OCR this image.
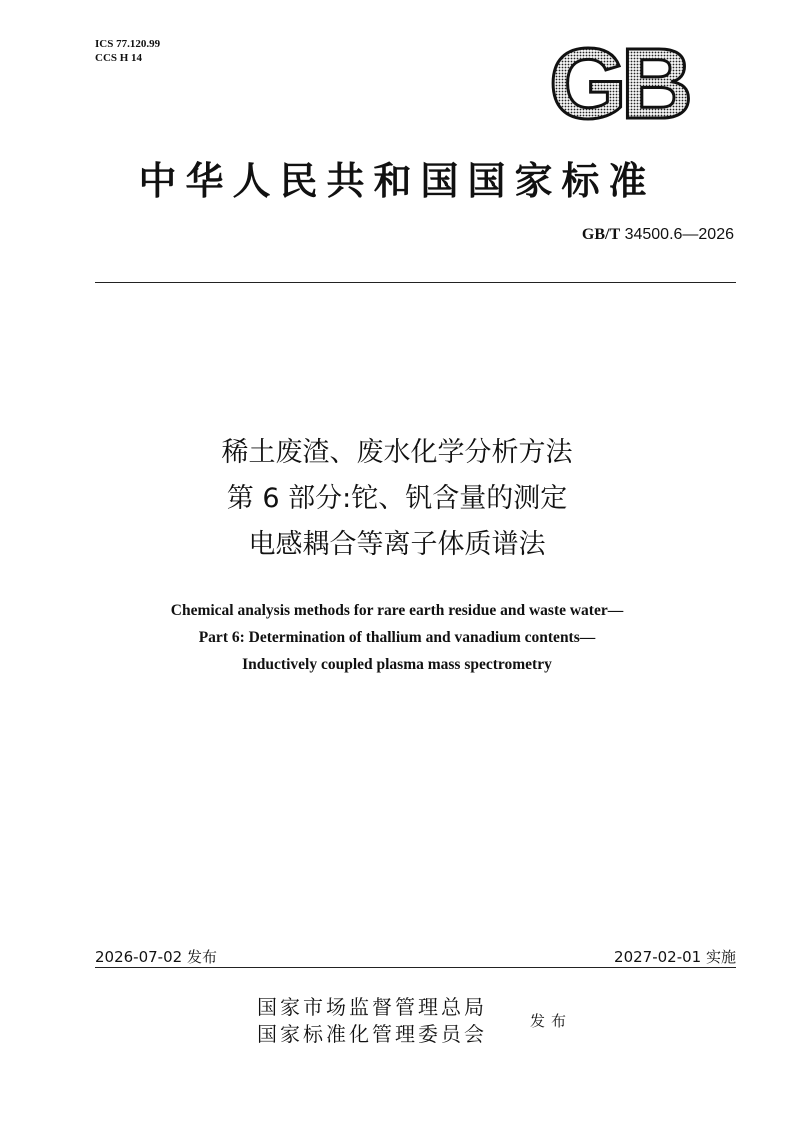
ICS 77.120.99
CCS H 14	GB
中华人民共和国国家标准
GB/T 34500.6—2026
稀土废渣、废水化学分析方法
第 6 部分:铊、钒含量的测定
电感耦合等离子体质谱法
Chemical analysis methods for rare earth residue and waste water—
Part 6: Determination of thallium and vanadium contents—
Inductively coupled plasma mass spectrometry
2026-07-02 发布	2027-02-01 实施
国家市场监督管理总局
国家标准化管理委员会
发布
